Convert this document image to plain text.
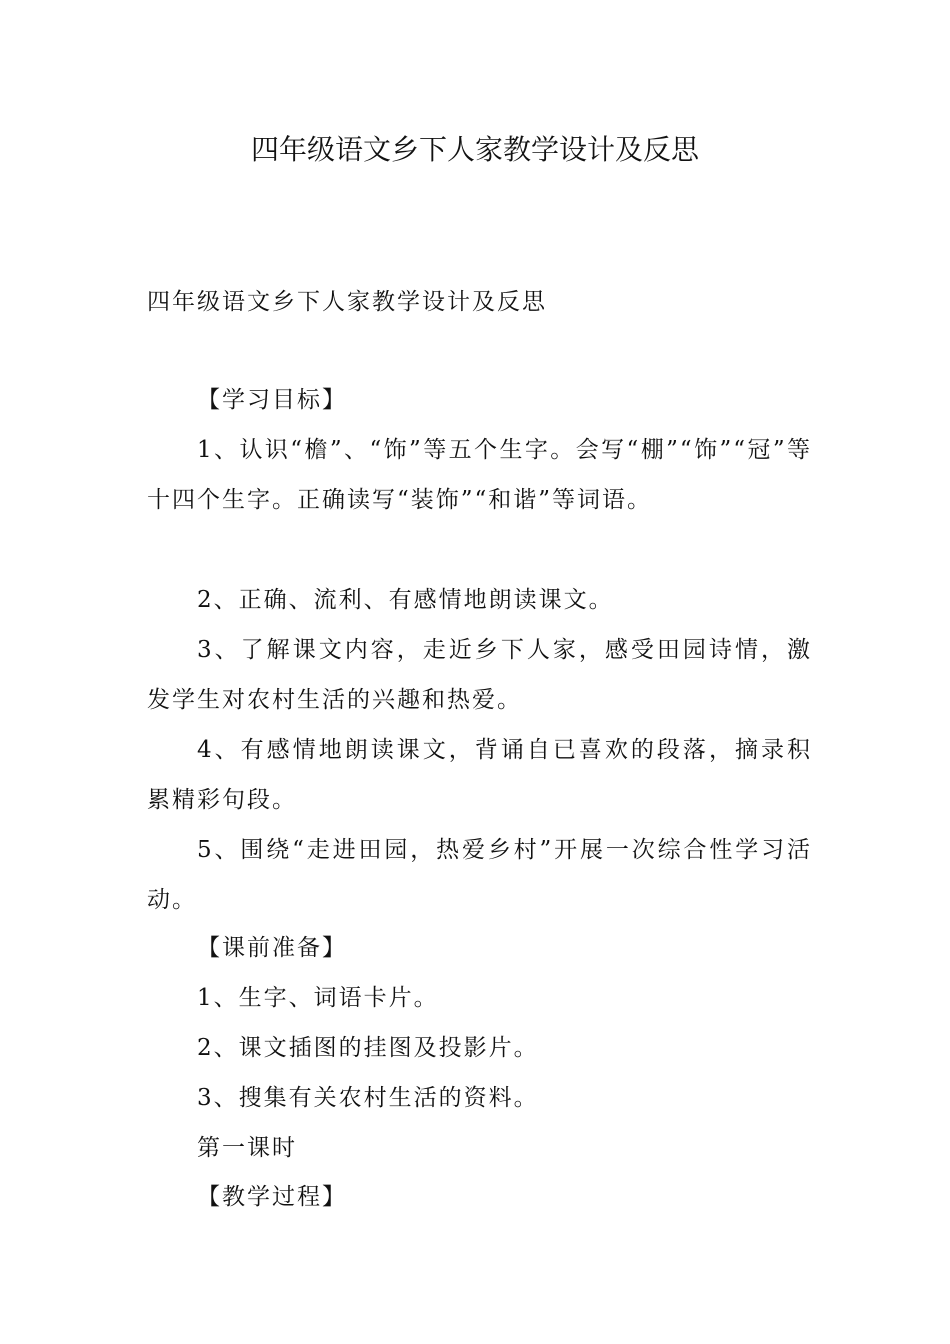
四年级语文乡下人家教学设计及反思

四年级语文乡下人家教学设计及反思

【学习目标】

1、认识“檐”、“饰”等五个生字。会写“棚”“饰”“冠”等十四个生字。正确读写“装饰”“和谐”等词语。

2、正确、流利、有感情地朗读课文。

3、了解课文内容，走近乡下人家，感受田园诗情，激发学生对农村生活的兴趣和热爱。

4、有感情地朗读课文，背诵自已喜欢的段落，摘录积累精彩句段。

5、围绕“走进田园，热爱乡村”开展一次综合性学习活动。

【课前准备】

1、生字、词语卡片。

2、课文插图的挂图及投影片。

3、搜集有关农村生活的资料。

第一课时

【教学过程】
